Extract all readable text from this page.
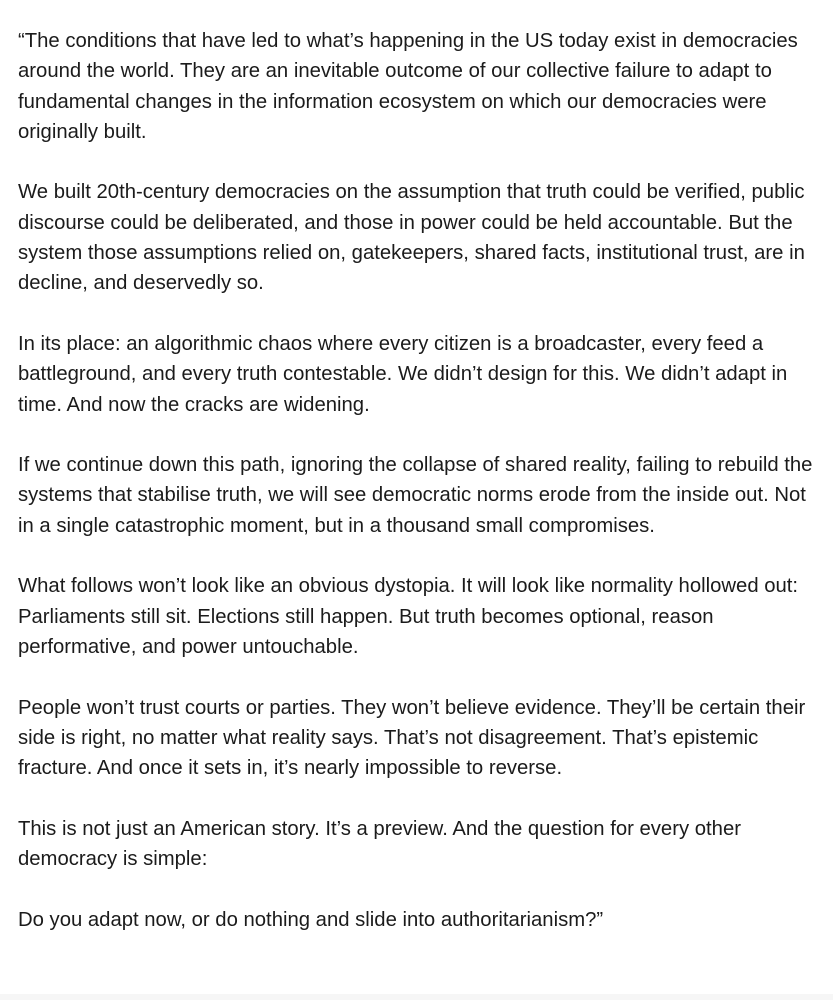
“The conditions that have led to what’s happening in the US today exist in democracies around the world. They are an inevitable outcome of our collective failure to adapt to fundamental changes in the information ecosystem on which our democracies were originally built.

We built 20th-century democracies on the assumption that truth could be verified, public discourse could be deliberated, and those in power could be held accountable. But the system those assumptions relied on, gatekeepers, shared facts, institutional trust, are in decline, and deservedly so.

In its place: an algorithmic chaos where every citizen is a broadcaster, every feed a battleground, and every truth contestable. We didn’t design for this. We didn’t adapt in time. And now the cracks are widening.

If we continue down this path, ignoring the collapse of shared reality, failing to rebuild the systems that stabilise truth, we will see democratic norms erode from the inside out. Not in a single catastrophic moment, but in a thousand small compromises.

What follows won’t look like an obvious dystopia. It will look like normality hollowed out: Parliaments still sit. Elections still happen. But truth becomes optional, reason performative, and power untouchable.

People won’t trust courts or parties. They won’t believe evidence. They’ll be certain their side is right, no matter what reality says. That’s not disagreement. That’s epistemic fracture. And once it sets in, it’s nearly impossible to reverse.

This is not just an American story. It’s a preview. And the question for every other democracy is simple:

Do you adapt now, or do nothing and slide into authoritarianism?”
